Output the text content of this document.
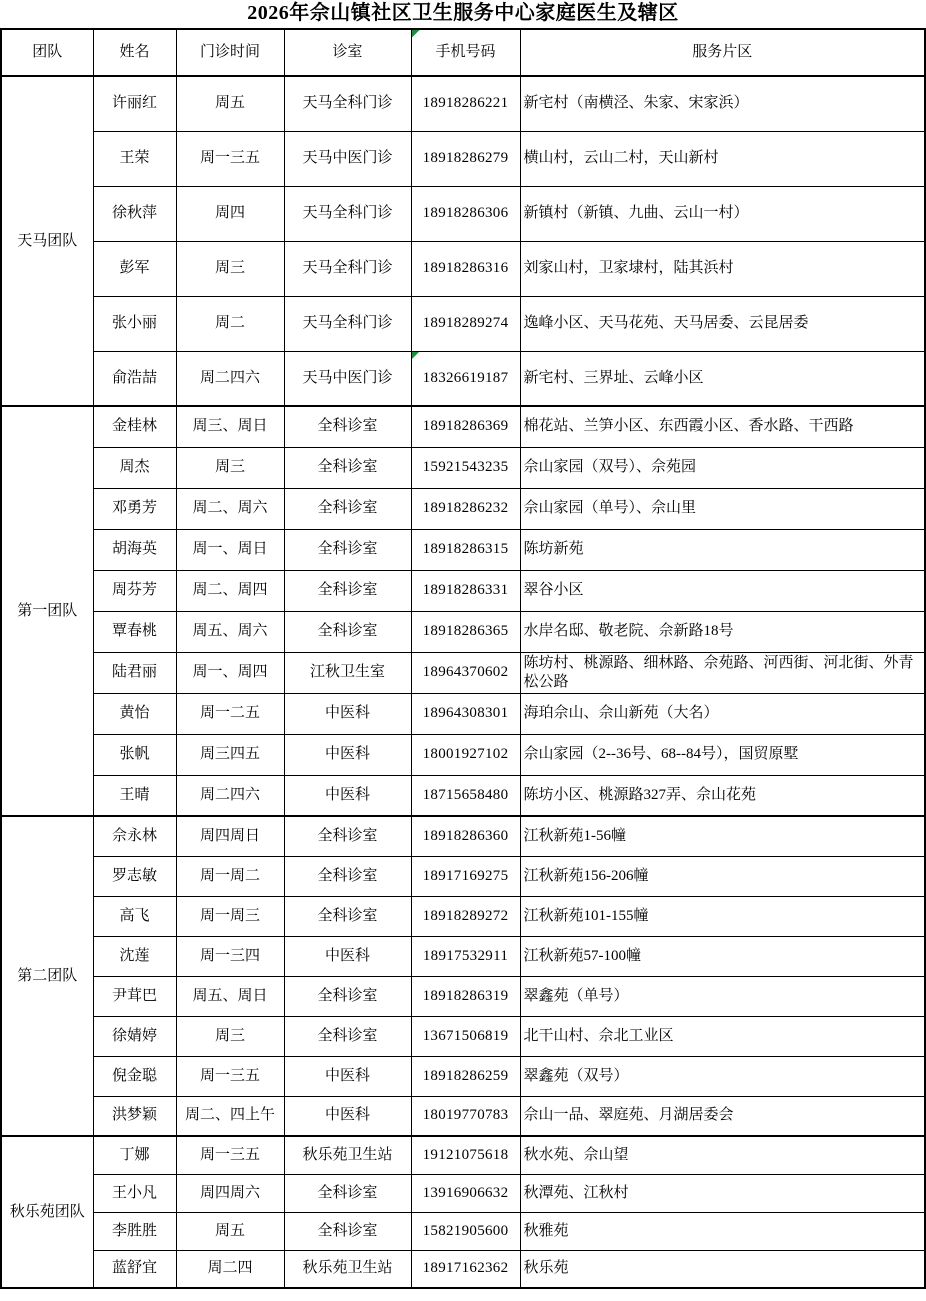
2026年佘山镇社区卫生服务中心家庭医生及辖区
团队	姓名	门诊时间	诊室	手机号码	服务片区
天马团队	许丽红	周五	天马全科门诊	18918286221	新宅村（南横泾、朱家、宋家浜）
	王荣	周一三五	天马中医门诊	18918286279	横山村，云山二村，天山新村
	徐秋萍	周四	天马全科门诊	18918286306	新镇村（新镇、九曲、云山一村）
	彭军	周三	天马全科门诊	18918286316	刘家山村，卫家埭村，陆其浜村
	张小丽	周二	天马全科门诊	18918289274	逸峰小区、天马花苑、天马居委、云昆居委
	俞浩喆	周二四六	天马中医门诊	18326619187	新宅村、三界址、云峰小区
第一团队	金桂林	周三、周日	全科诊室	18918286369	棉花站、兰笋小区、东西霞小区、香水路、干西路
	周杰	周三	全科诊室	15921543235	佘山家园（双号）、佘苑园
	邓勇芳	周二、周六	全科诊室	18918286232	佘山家园（单号）、佘山里
	胡海英	周一、周日	全科诊室	18918286315	陈坊新苑
	周芬芳	周二、周四	全科诊室	18918286331	翠谷小区
	覃春桃	周五、周六	全科诊室	18918286365	水岸名邸、敬老院、佘新路18号
	陆君丽	周一、周四	江秋卫生室	18964370602	陈坊村、桃源路、细林路、佘苑路、河西街、河北街、外青松公路
	黄怡	周一二五	中医科	18964308301	海珀佘山、佘山新苑（大名）
	张帆	周三四五	中医科	18001927102	佘山家园（2--36号、68--84号），国贸原墅
	王晴	周二四六	中医科	18715658480	陈坊小区、桃源路327弄、佘山花苑
第二团队	佘永林	周四周日	全科诊室	18918286360	江秋新苑1-56幢
	罗志敏	周一周二	全科诊室	18917169275	江秋新苑156-206幢
	高飞	周一周三	全科诊室	18918289272	江秋新苑101-155幢
	沈莲	周一三四	中医科	18917532911	江秋新苑57-100幢
	尹茸巴	周五、周日	全科诊室	18918286319	翠鑫苑（单号）
	徐婧婷	周三	全科诊室	13671506819	北干山村、佘北工业区
	倪金聪	周一三五	中医科	18918286259	翠鑫苑（双号）
	洪梦颖	周二、四上午	中医科	18019770783	佘山一品、翠庭苑、月湖居委会
秋乐苑团队	丁娜	周一三五	秋乐苑卫生站	19121075618	秋水苑、佘山望
	王小凡	周四周六	全科诊室	13916906632	秋潭苑、江秋村
	李胜胜	周五	全科诊室	15821905600	秋雅苑
	蓝舒宜	周二四	秋乐苑卫生站	18917162362	秋乐苑
